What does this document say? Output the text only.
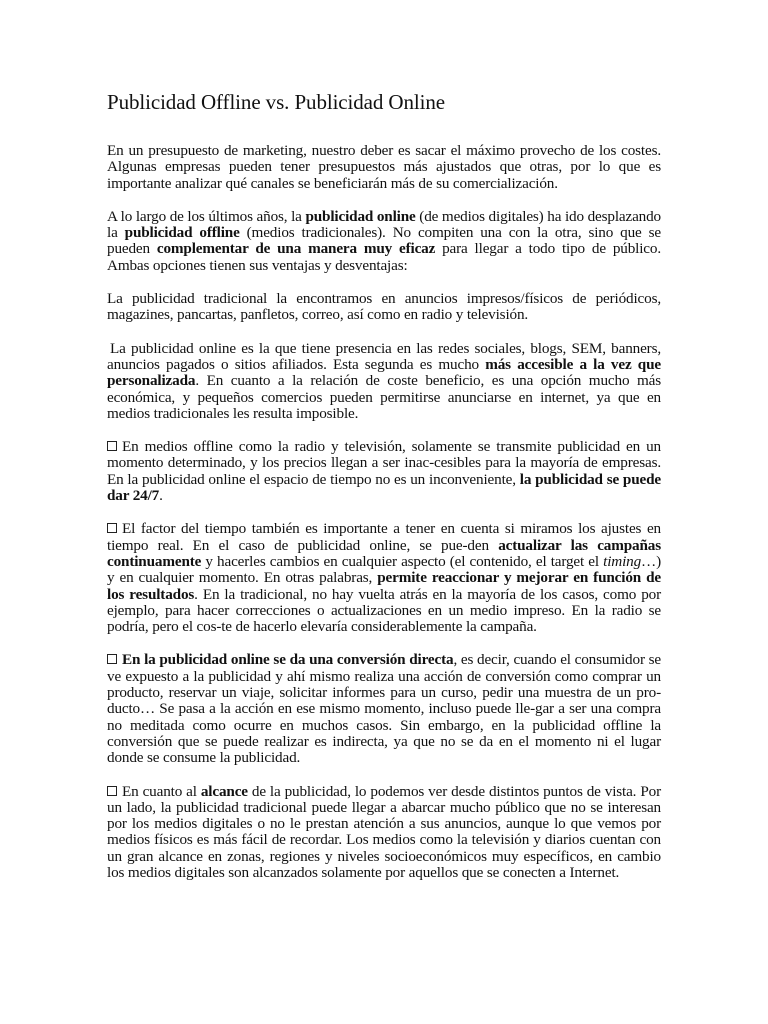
Publicidad Offline vs. Publicidad Online

En un presupuesto de marketing, nuestro deber es sacar el máximo provecho de los costes. Algunas empresas pueden tener presupuestos más ajustados que otras, por lo que es importante analizar qué canales se beneficiarán más de su comercialización.

A lo largo de los últimos años, la publicidad online (de medios digitales) ha ido desplazando la publicidad offline (medios tradicionales). No compiten una con la otra, sino que se pueden complementar de una manera muy eficaz para llegar a todo tipo de público. Ambas opciones tienen sus ventajas y desventajas:

La publicidad tradicional la encontramos en anuncios impresos/físicos de periódicos, magazines, pancartas, panfletos, correo, así como en radio y televisión.

La publicidad online es la que tiene presencia en las redes sociales, blogs, SEM, banners, anuncios pagados o sitios afiliados. Esta segunda es mucho más accesible a la vez que personalizada. En cuanto a la relación de coste beneficio, es una opción mucho más económica, y pequeños comercios pueden permitirse anunciarse en internet, ya que en medios tradicionales les resulta imposible.

En medios offline como la radio y televisión, solamente se transmite publicidad en un momento determinado, y los precios llegan a ser inac-cesibles para la mayoría de empresas. En la publicidad online el espacio de tiempo no es un inconveniente, la publicidad se puede dar 24/7.

El factor del tiempo también es importante a tener en cuenta si miramos los ajustes en tiempo real. En el caso de publicidad online, se pue-den actualizar las campañas continuamente y hacerles cambios en cualquier aspecto (el contenido, el target el timing…) y en cualquier momento. En otras palabras, permite reaccionar y mejorar en función de los resultados. En la tradicional, no hay vuelta atrás en la mayoría de los casos, como por ejemplo, para hacer correcciones o actualizaciones en un medio impreso. En la radio se podría, pero el cos-te de hacerlo elevaría considerablemente la campaña.

En la publicidad online se da una conversión directa, es decir, cuando el consumidor se ve expuesto a la publicidad y ahí mismo realiza una acción de conversión como comprar un producto, reservar un viaje, solicitar informes para un curso, pedir una muestra de un pro-ducto… Se pasa a la acción en ese mismo momento, incluso puede lle-gar a ser una compra no meditada como ocurre en muchos casos. Sin embargo, en la publicidad offline la conversión que se puede realizar es indirecta, ya que no se da en el momento ni el lugar donde se consume la publicidad.

En cuanto al alcance de la publicidad, lo podemos ver desde distintos puntos de vista. Por un lado, la publicidad tradicional puede llegar a abarcar mucho público que no se interesan por los medios digitales o no le prestan atención a sus anuncios, aunque lo que vemos por medios físicos es más fácil de recordar. Los medios como la televisión y diarios cuentan con un gran alcance en zonas, regiones y niveles socioeconómicos muy específicos, en cambio los medios digitales son alcanzados solamente por aquellos que se conecten a Internet.
